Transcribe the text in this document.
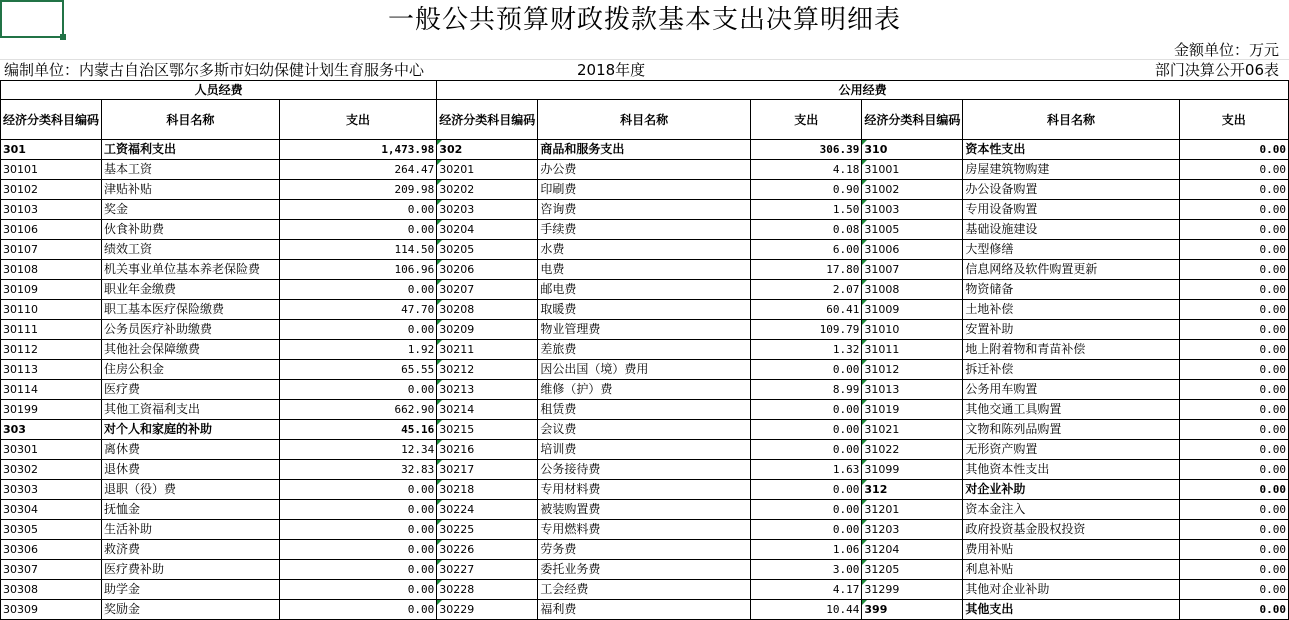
一般公共预算财政拨款基本支出决算明细表
金额单位：万元
编制单位：内蒙古自治区鄂尔多斯市妇幼保健计划生育服务中心	2018年度	部门决算公开06表
人员经费			公用经费					
经济分类科目编码	科目名称	支出	经济分类科目编码	科目名称	支出	经济分类科目编码	科目名称	支出
301	工资福利支出	1,473.98	302	商品和服务支出	306.39	310	资本性支出	0.00
30101	基本工资	264.47	30201	办公费	4.18	31001	房屋建筑物购建	0.00
30102	津贴补贴	209.98	30202	印刷费	0.90	31002	办公设备购置	0.00
30103	奖金	0.00	30203	咨询费	1.50	31003	专用设备购置	0.00
30106	伙食补助费	0.00	30204	手续费	0.08	31005	基础设施建设	0.00
30107	绩效工资	114.50	30205	水费	6.00	31006	大型修缮	0.00
30108	机关事业单位基本养老保险费	106.96	30206	电费	17.80	31007	信息网络及软件购置更新	0.00
30109	职业年金缴费	0.00	30207	邮电费	2.07	31008	物资储备	0.00
30110	职工基本医疗保险缴费	47.70	30208	取暖费	60.41	31009	土地补偿	0.00
30111	公务员医疗补助缴费	0.00	30209	物业管理费	109.79	31010	安置补助	0.00
30112	其他社会保障缴费	1.92	30211	差旅费	1.32	31011	地上附着物和青苗补偿	0.00
30113	住房公积金	65.55	30212	因公出国（境）费用	0.00	31012	拆迁补偿	0.00
30114	医疗费	0.00	30213	维修（护）费	8.99	31013	公务用车购置	0.00
30199	其他工资福利支出	662.90	30214	租赁费	0.00	31019	其他交通工具购置	0.00
303	对个人和家庭的补助	45.16	30215	会议费	0.00	31021	文物和陈列品购置	0.00
30301	离休费	12.34	30216	培训费	0.00	31022	无形资产购置	0.00
30302	退休费	32.83	30217	公务接待费	1.63	31099	其他资本性支出	0.00
30303	退职（役）费	0.00	30218	专用材料费	0.00	312	对企业补助	0.00
30304	抚恤金	0.00	30224	被装购置费	0.00	31201	资本金注入	0.00
30305	生活补助	0.00	30225	专用燃料费	0.00	31203	政府投资基金股权投资	0.00
30306	救济费	0.00	30226	劳务费	1.06	31204	费用补贴	0.00
30307	医疗费补助	0.00	30227	委托业务费	3.00	31205	利息补贴	0.00
30308	助学金	0.00	30228	工会经费	4.17	31299	其他对企业补助	0.00
30309	奖励金	0.00	30229	福利费	10.44	399	其他支出	0.00
